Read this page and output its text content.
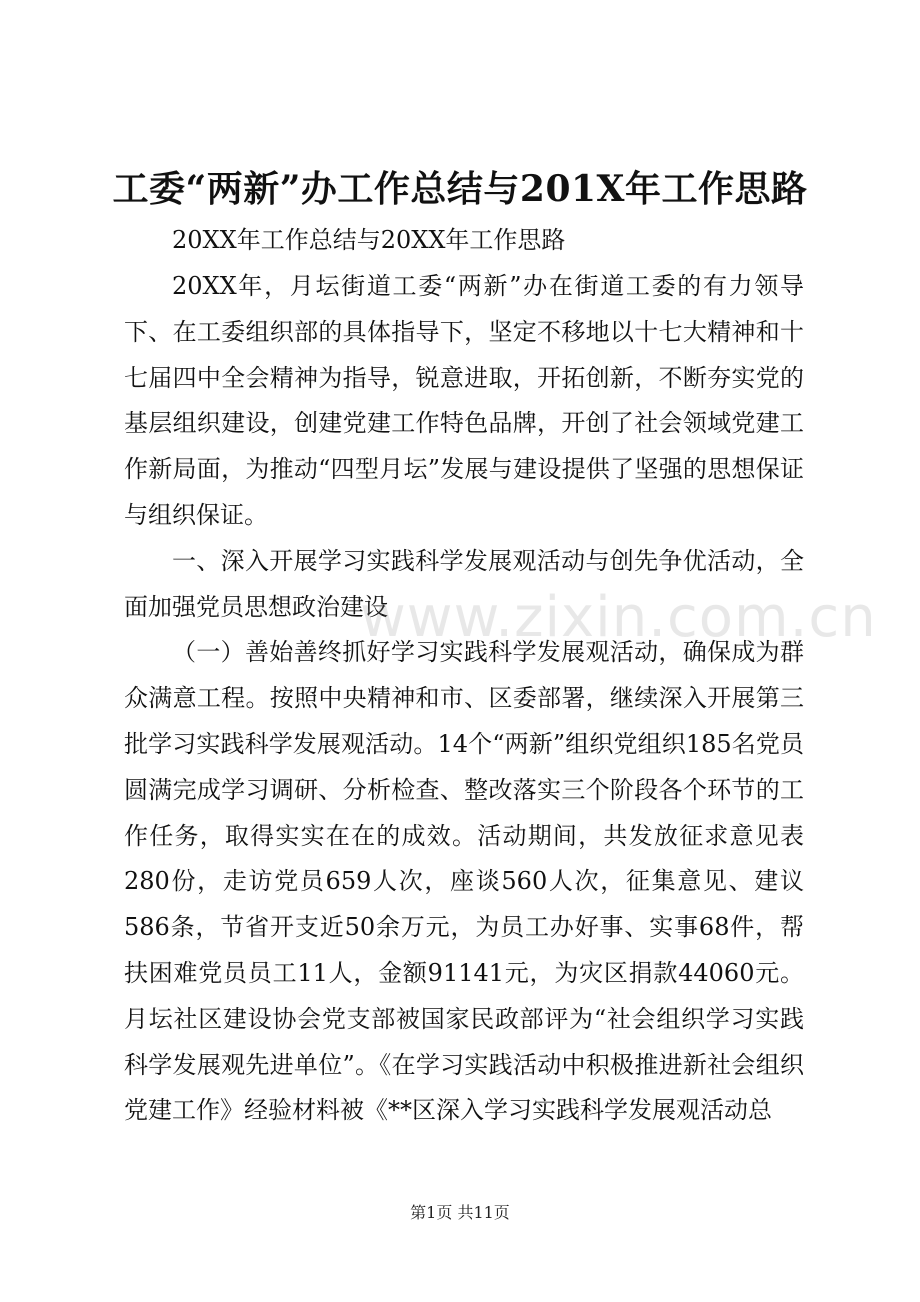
工委“两新”办工作总结与201X年工作思路
20XX年工作总结与20XX年工作思路

20XX年，月坛街道工委“两新”办在街道工委的有力领导下、在工委组织部的具体指导下，坚定不移地以十七大精神和十七届四中全会精神为指导，锐意进取，开拓创新，不断夯实党的基层组织建设，创建党建工作特色品牌，开创了社会领域党建工作新局面，为推动“四型月坛”发展与建设提供了坚强的思想保证与组织保证。

一、深入开展学习实践科学发展观活动与创先争优活动，全面加强党员思想政治建设

（一）善始善终抓好学习实践科学发展观活动，确保成为群众满意工程。按照中央精神和市、区委部署，继续深入开展第三批学习实践科学发展观活动。14个“两新”组织党组织185名党员圆满完成学习调研、分析检查、整改落实三个阶段各个环节的工作任务，取得实实在在的成效。活动期间，共发放征求意见表280份，走访党员659人次，座谈560人次，征集意见、建议586条，节省开支近50余万元，为员工办好事、实事68件，帮扶困难党员员工11人，金额91141元，为灾区捐款44060元。月坛社区建设协会党支部被国家民政部评为“社会组织学习实践科学发展观先进单位”。《在学习实践活动中积极推进新社会组织党建工作》经验材料被《**区深入学习实践科学发展观活动总

www.zixin.com.cn
第1页 共11页
